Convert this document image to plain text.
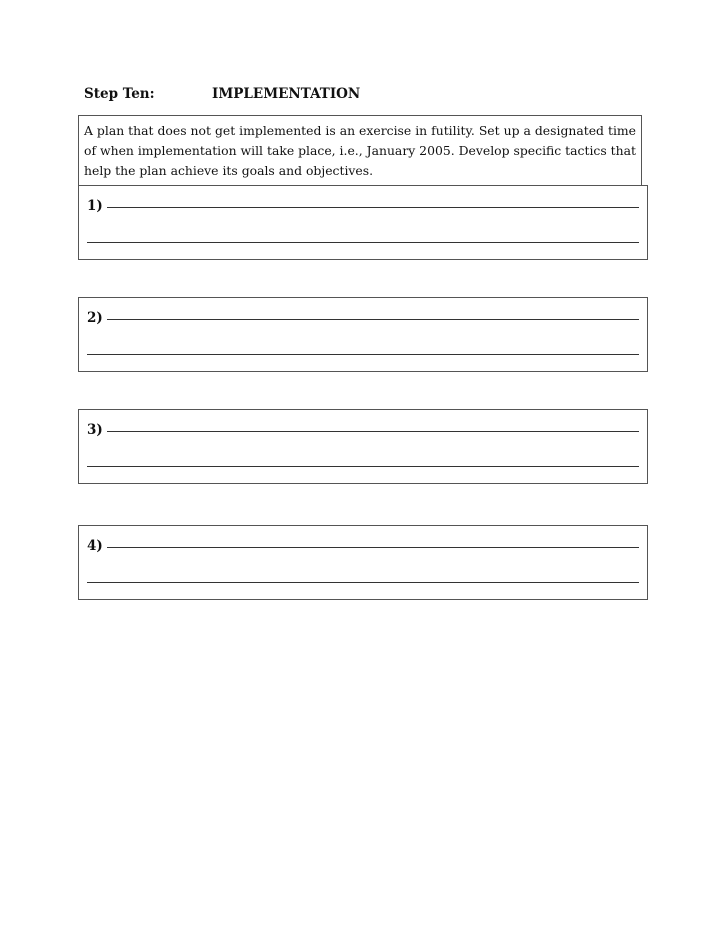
Step Ten:	IMPLEMENTATION
A plan that does not get implemented is an exercise in futility. Set up a designated time of when implementation will take place, i.e., January 2005. Develop specific tactics that help the plan achieve its goals and objectives.
1)
2)
3)
4)
